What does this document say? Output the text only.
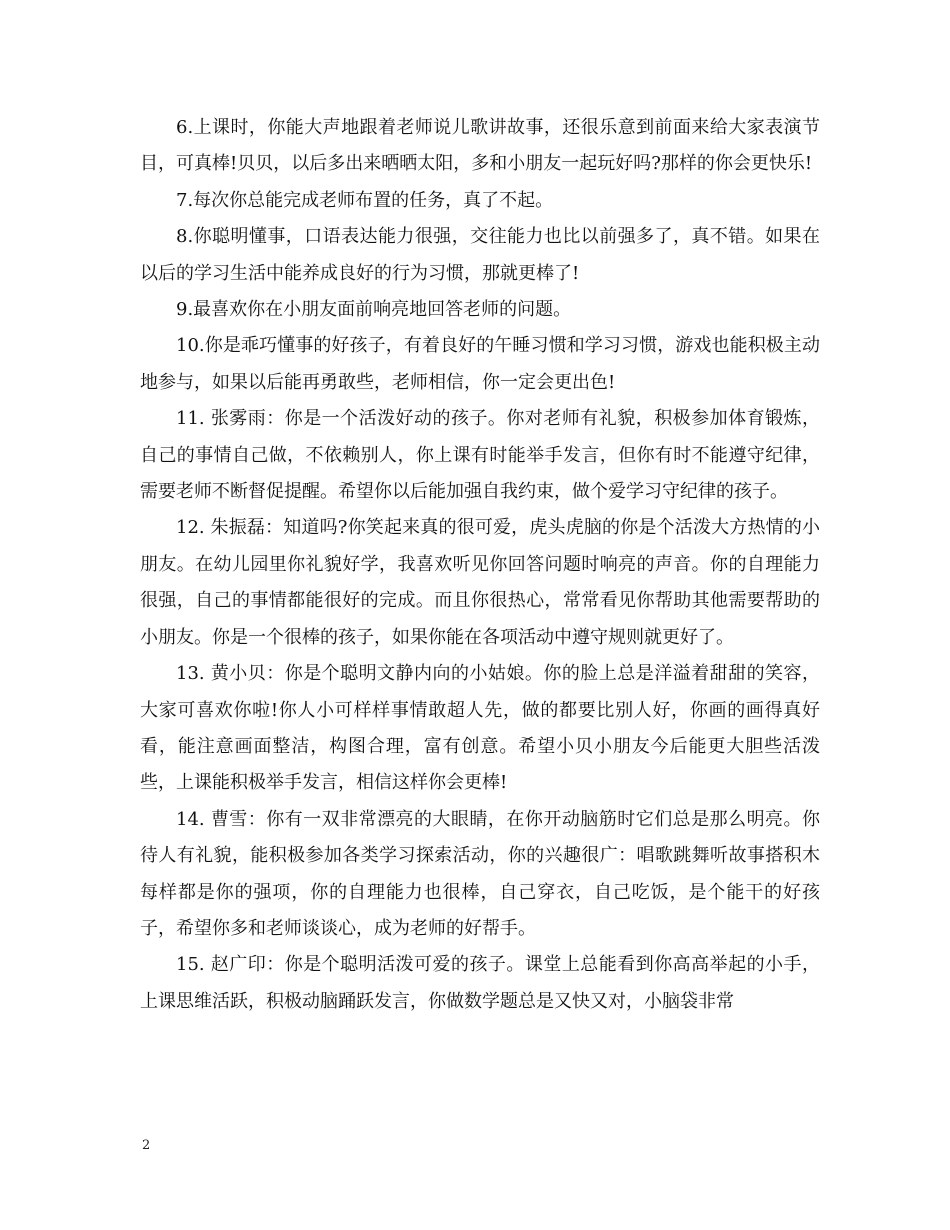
6.上课时，你能大声地跟着老师说儿歌讲故事，还很乐意到前面来给大家表演节目，可真棒!贝贝，以后多出来晒晒太阳，多和小朋友一起玩好吗?那样的你会更快乐!

7.每次你总能完成老师布置的任务，真了不起。

8.你聪明懂事，口语表达能力很强，交往能力也比以前强多了，真不错。如果在以后的学习生活中能养成良好的行为习惯，那就更棒了!

9.最喜欢你在小朋友面前响亮地回答老师的问题。

10.你是乖巧懂事的好孩子，有着良好的午睡习惯和学习习惯，游戏也能积极主动地参与，如果以后能再勇敢些，老师相信，你一定会更出色!

11. 张雾雨：你是一个活泼好动的孩子。你对老师有礼貌，积极参加体育锻炼，自己的事情自己做，不依赖别人，你上课有时能举手发言，但你有时不能遵守纪律，需要老师不断督促提醒。希望你以后能加强自我约束，做个爱学习守纪律的孩子。

12. 朱振磊：知道吗?你笑起来真的很可爱，虎头虎脑的你是个活泼大方热情的小朋友。在幼儿园里你礼貌好学，我喜欢听见你回答问题时响亮的声音。你的自理能力很强，自己的事情都能很好的完成。而且你很热心，常常看见你帮助其他需要帮助的小朋友。你是一个很棒的孩子，如果你能在各项活动中遵守规则就更好了。

13. 黄小贝：你是个聪明文静内向的小姑娘。你的脸上总是洋溢着甜甜的笑容，大家可喜欢你啦!你人小可样样事情敢超人先，做的都要比别人好，你画的画得真好看，能注意画面整洁，构图合理，富有创意。希望小贝小朋友今后能更大胆些活泼些，上课能积极举手发言，相信这样你会更棒!

14. 曹雪：你有一双非常漂亮的大眼睛，在你开动脑筋时它们总是那么明亮。你待人有礼貌，能积极参加各类学习探索活动，你的兴趣很广：唱歌跳舞听故事搭积木每样都是你的强项，你的自理能力也很棒，自己穿衣，自己吃饭，是个能干的好孩子，希望你多和老师谈谈心，成为老师的好帮手。

15. 赵广印：你是个聪明活泼可爱的孩子。课堂上总能看到你高高举起的小手，上课思维活跃，积极动脑踊跃发言，你做数学题总是又快又对，小脑袋非常

2
